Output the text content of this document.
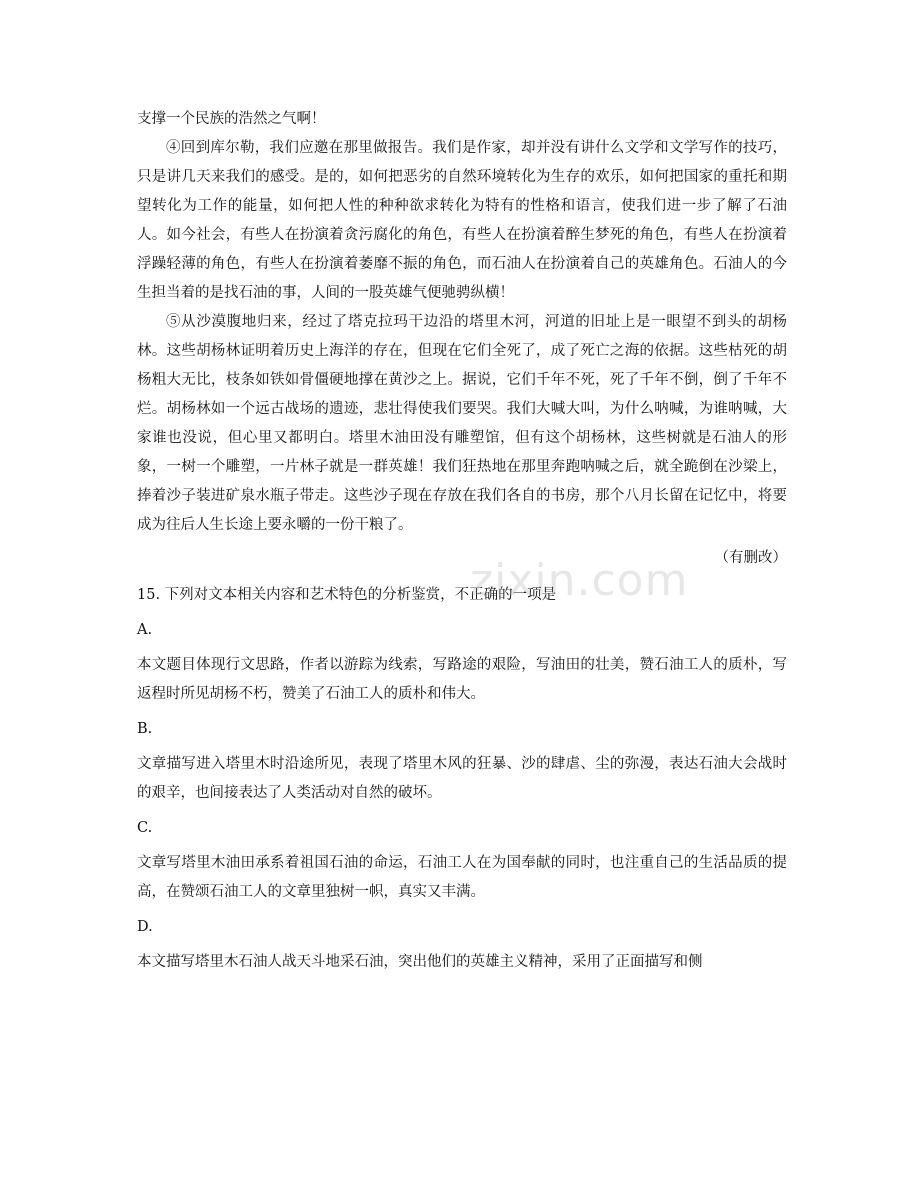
支撑一个民族的浩然之气啊！

④回到库尔勒，我们应邀在那里做报告。我们是作家，却并没有讲什么文学和文学写作的技巧，只是讲几天来我们的感受。是的，如何把恶劣的自然环境转化为生存的欢乐，如何把国家的重托和期望转化为工作的能量，如何把人性的种种欲求转化为特有的性格和语言，使我们进一步了解了石油人。如今社会，有些人在扮演着贪污腐化的角色，有些人在扮演着醉生梦死的角色，有些人在扮演着浮躁轻薄的角色，有些人在扮演着萎靡不振的角色，而石油人在扮演着自己的英雄角色。石油人的今生担当着的是找石油的事，人间的一股英雄气便驰骋纵横！

⑤从沙漠腹地归来，经过了塔克拉玛干边沿的塔里木河，河道的旧址上是一眼望不到头的胡杨林。这些胡杨林证明着历史上海洋的存在，但现在它们全死了，成了死亡之海的依据。这些枯死的胡杨粗大无比，枝条如铁如骨僵硬地撑在黄沙之上。据说，它们千年不死，死了千年不倒，倒了千年不烂。胡杨林如一个远古战场的遗迹，悲壮得使我们要哭。我们大喊大叫，为什么呐喊，为谁呐喊，大家谁也没说，但心里又都明白。塔里木油田没有雕塑馆，但有这个胡杨林，这些树就是石油人的形象，一树一个雕塑，一片林子就是一群英雄！我们狂热地在那里奔跑呐喊之后，就全跪倒在沙梁上，捧着沙子装进矿泉水瓶子带走。这些沙子现在存放在我们各自的书房，那个八月长留在记忆中，将要成为往后人生长途上要永嚼的一份干粮了。

（有删改）

15. 下列对文本相关内容和艺术特色的分析鉴赏，不正确的一项是

A.

本文题目体现行文思路，作者以游踪为线索，写路途的艰险，写油田的壮美，赞石油工人的质朴，写返程时所见胡杨不朽，赞美了石油工人的质朴和伟大。

B.

文章描写进入塔里木时沿途所见，表现了塔里木风的狂暴、沙的肆虐、尘的弥漫，表达石油大会战时的艰辛，也间接表达了人类活动对自然的破坏。

C.

文章写塔里木油田承系着祖国石油的命运，石油工人在为国奉献的同时，也注重自己的生活品质的提高，在赞颂石油工人的文章里独树一帜，真实又丰满。

D.

本文描写塔里木石油人战天斗地采石油，突出他们的英雄主义精神，采用了正面描写和侧

zixin.com
